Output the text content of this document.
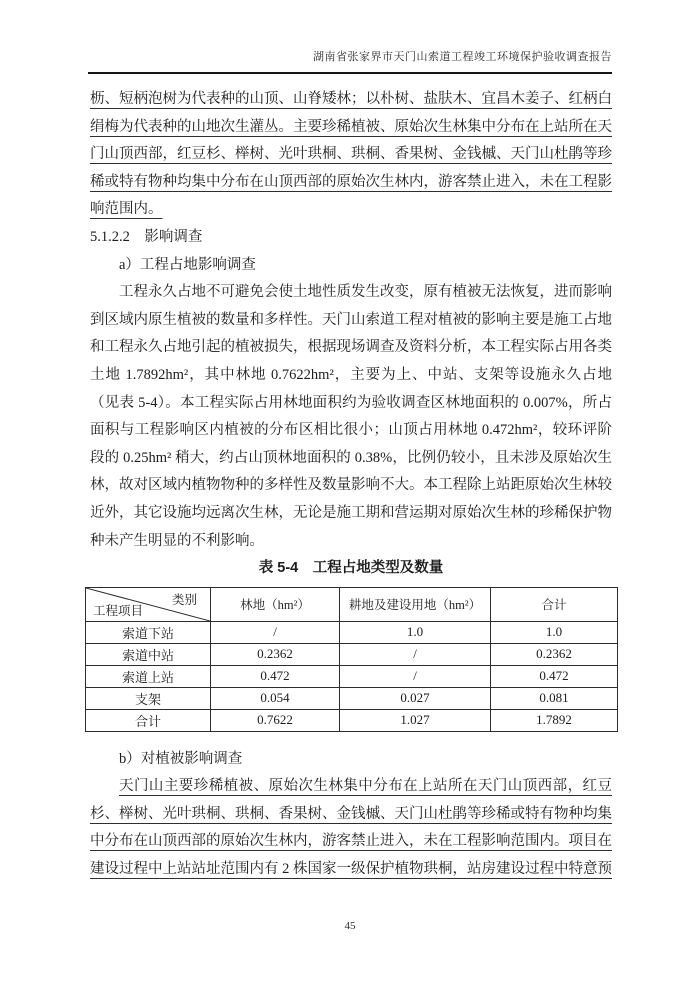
湖南省张家界市天门山索道工程竣工环境保护验收调查报告

枥、短柄泡树为代表种的山顶、山脊矮林；以朴树、盐肤木、宜昌木姜子、红柄白绢梅为代表种的山地次生灌丛。主要珍稀植被、原始次生林集中分布在上站所在天门山顶西部，红豆杉、榉树、光叶珙桐、珙桐、香果树、金钱槭、天门山杜鹃等珍稀或特有物种均集中分布在山顶西部的原始次生林内，游客禁止进入，未在工程影响范围内。

5.1.2.2　影响调查

a）工程占地影响调查

工程永久占地不可避免会使土地性质发生改变，原有植被无法恢复，进而影响到区域内原生植被的数量和多样性。天门山索道工程对植被的影响主要是施工占地和工程永久占地引起的植被损失，根据现场调查及资料分析，本工程实际占用各类土地 1.7892hm²，其中林地 0.7622hm²，主要为上、中站、支架等设施永久占地（见表 5-4）。本工程实际占用林地面积约为验收调查区林地面积的 0.007%，所占面积与工程影响区内植被的分布区相比很小；山顶占用林地 0.472hm²，较环评阶段的 0.25hm² 稍大，约占山顶林地面积的 0.38%，比例仍较小，且未涉及原始次生林，故对区域内植物物种的多样性及数量影响不大。本工程除上站距原始次生林较近外，其它设施均远离次生林，无论是施工期和营运期对原始次生林的珍稀保护物种未产生明显的不利影响。

表 5-4　工程占地类型及数量

类别
工程项目	林地（hm²）	耕地及建设用地（hm²）	合计
索道下站	/	1.0	1.0
索道中站	0.2362	/	0.2362
索道上站	0.472	/	0.472
支架	0.054	0.027	0.081
合计	0.7622	1.027	1.7892

b）对植被影响调查

天门山主要珍稀植被、原始次生林集中分布在上站所在天门山顶西部，红豆杉、榉树、光叶珙桐、珙桐、香果树、金钱槭、天门山杜鹃等珍稀或特有物种均集中分布在山顶西部的原始次生林内，游客禁止进入，未在工程影响范围内。项目在建设过程中上站站址范围内有 2 株国家一级保护植物珙桐，站房建设过程中特意预

45
